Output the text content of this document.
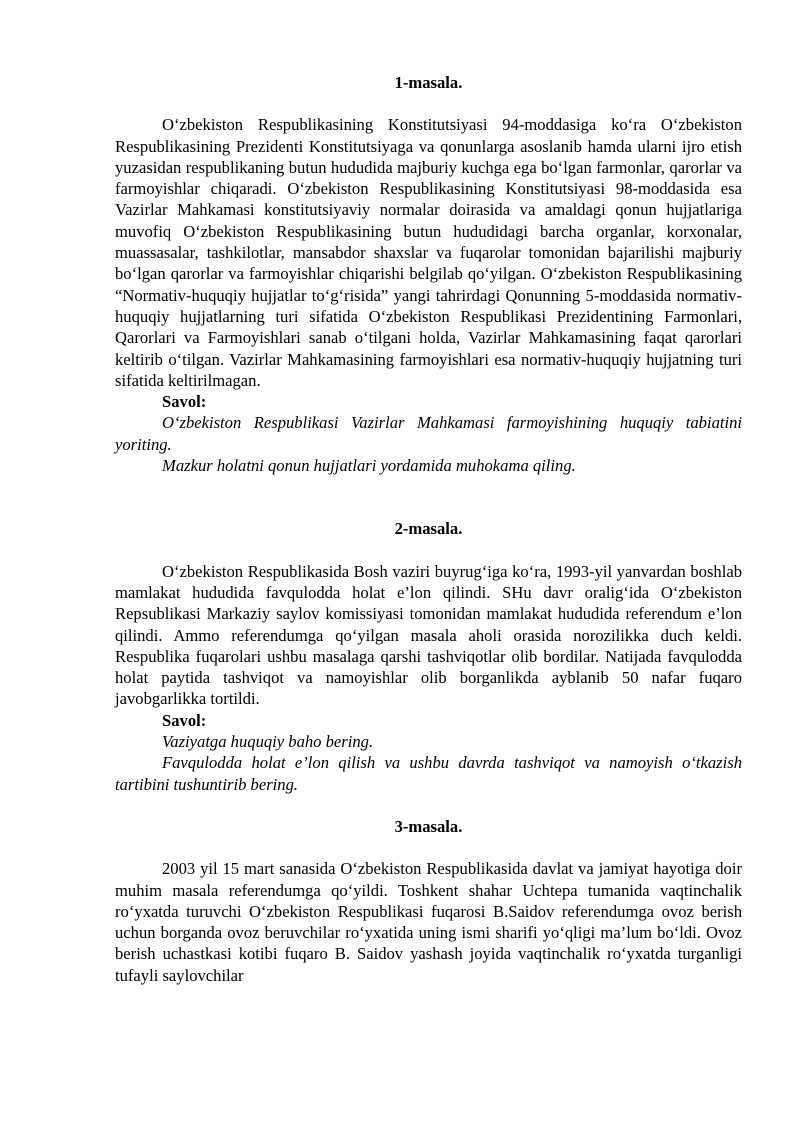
1-masala.

O‘zbekiston Respublikasining Konstitutsiyasi 94-moddasiga ko‘ra O‘zbekiston Respublikasining Prezidenti Konstitutsiyaga va qonunlarga asoslanib hamda ularni ijro etish yuzasidan respublikaning butun hududida majburiy kuchga ega bo‘lgan farmonlar, qarorlar va farmoyishlar chiqaradi. O‘zbekiston Respublikasining Konstitutsiyasi 98-moddasida esa Vazirlar Mahkamasi konstitutsiyaviy normalar doirasida va amaldagi qonun hujjatlariga muvofiq O‘zbekiston Respublikasining butun hududidagi barcha organlar, korxonalar, muassasalar, tashkilotlar, mansabdor shaxslar va fuqarolar tomonidan bajarilishi majburiy bo‘lgan qarorlar va farmoyishlar chiqarishi belgilab qo‘yilgan. O‘zbekiston Respublikasining “Normativ-huquqiy hujjatlar to‘g‘risida” yangi tahrirdagi Qonunning 5-moddasida normativ-huquqiy hujjatlarning turi sifatida O‘zbekiston Respublikasi Prezidentining Farmonlari, Qarorlari va Farmoyishlari sanab o‘tilgani holda, Vazirlar Mahkamasining faqat qarorlari keltirib o‘tilgan. Vazirlar Mahkamasining farmoyishlari esa normativ-huquqiy hujjatning turi sifatida keltirilmagan.

Savol:

O‘zbekiston Respublikasi Vazirlar Mahkamasi farmoyishining huquqiy tabiatini yoriting.

Mazkur holatni qonun hujjatlari yordamida muhokama qiling.

2-masala.

O‘zbekiston Respublikasida Bosh vaziri buyrug‘iga ko‘ra, 1993-yil yanvardan boshlab mamlakat hududida favqulodda holat e’lon qilindi. SHu davr oralig‘ida O‘zbekiston Repsublikasi Markaziy saylov komissiyasi tomonidan mamlakat hududida referendum e’lon qilindi. Ammo referendumga qo‘yilgan masala aholi orasida norozilikka duch keldi. Respublika fuqarolari ushbu masalaga qarshi tashviqotlar olib bordilar. Natijada favqulodda holat paytida tashviqot va namoyishlar olib borganlikda ayblanib 50 nafar fuqaro javobgarlikka tortildi.

Savol:

Vaziyatga huquqiy baho bering.

Favqulodda holat e’lon qilish va ushbu davrda tashviqot va namoyish o‘tkazish tartibini tushuntirib bering.

3-masala.

2003 yil 15 mart sanasida O‘zbekiston Respublikasida davlat va jamiyat hayotiga doir muhim masala referendumga qo‘yildi. Toshkent shahar Uchtepa tumanida vaqtinchalik ro‘yxatda turuvchi O‘zbekiston Respublikasi fuqarosi B.Saidov referendumga ovoz berish uchun borganda ovoz beruvchilar ro‘yxatida uning ismi sharifi yo‘qligi ma’lum bo‘ldi. Ovoz berish uchastkasi kotibi fuqaro B. Saidov yashash joyida vaqtinchalik ro‘yxatda turganligi tufayli saylovchilar
